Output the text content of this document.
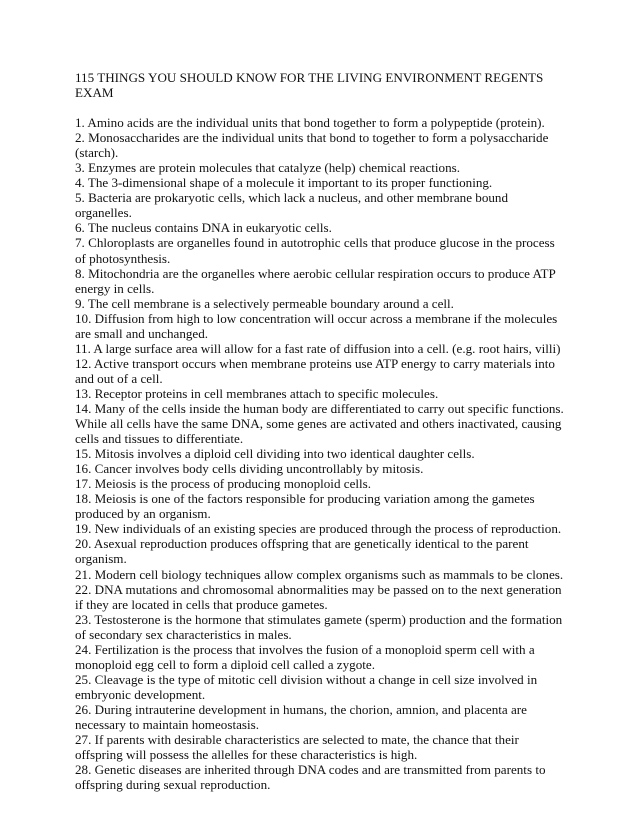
115 THINGS YOU SHOULD KNOW FOR THE LIVING ENVIRONMENT REGENTS EXAM
1. Amino acids are the individual units that bond together to form a polypeptide (protein).
2. Monosaccharides are the individual units that bond to together to form a polysaccharide (starch).
3. Enzymes are protein molecules that catalyze (help) chemical reactions.
4. The 3-dimensional shape of a molecule it important to its proper functioning.
5. Bacteria are prokaryotic cells, which lack a nucleus, and other membrane bound organelles.
6. The nucleus contains DNA in eukaryotic cells.
7. Chloroplasts are organelles found in autotrophic cells that produce glucose in the process of photosynthesis.
8. Mitochondria are the organelles where aerobic cellular respiration occurs to produce ATP energy in cells.
9. The cell membrane is a selectively permeable boundary around a cell.
10. Diffusion from high to low concentration will occur across a membrane if the molecules are small and unchanged.
11. A large surface area will allow for a fast rate of diffusion into a cell. (e.g. root hairs, villi)
12. Active transport occurs when membrane proteins use ATP energy to carry materials into and out of a cell.
13. Receptor proteins in cell membranes attach to specific molecules.
14. Many of the cells inside the human body are differentiated to carry out specific functions.  While all cells have the same DNA, some genes are activated and others inactivated, causing cells and tissues to differentiate.
15. Mitosis involves a diploid cell dividing into two identical daughter cells.
16. Cancer involves body cells dividing uncontrollably by mitosis.
17. Meiosis is the process of producing monoploid cells.
18. Meiosis is one of the factors responsible for producing variation among the gametes produced by an organism.
19. New individuals of an existing species are produced through the process of reproduction.
20. Asexual reproduction produces offspring that are genetically identical to the parent organism.
21. Modern cell biology techniques allow complex organisms such as mammals to be clones.
22. DNA mutations and chromosomal abnormalities may be passed on to the next generation if they are located in cells that produce gametes.
23. Testosterone is the hormone that stimulates gamete (sperm) production and the formation of secondary sex characteristics in males.
24. Fertilization is the process that involves the fusion of a monoploid sperm cell with a monoploid egg cell to form a diploid cell called a zygote.
25. Cleavage is the type of mitotic cell division without a change in cell size involved in embryonic development.
26. During intrauterine development in humans, the chorion, amnion, and placenta are necessary to maintain homeostasis.
27. If parents with desirable characteristics are selected to mate, the chance that their offspring will possess the allelles for these characteristics is high.
28. Genetic diseases are inherited through DNA codes and are transmitted from parents to offspring during sexual reproduction.
